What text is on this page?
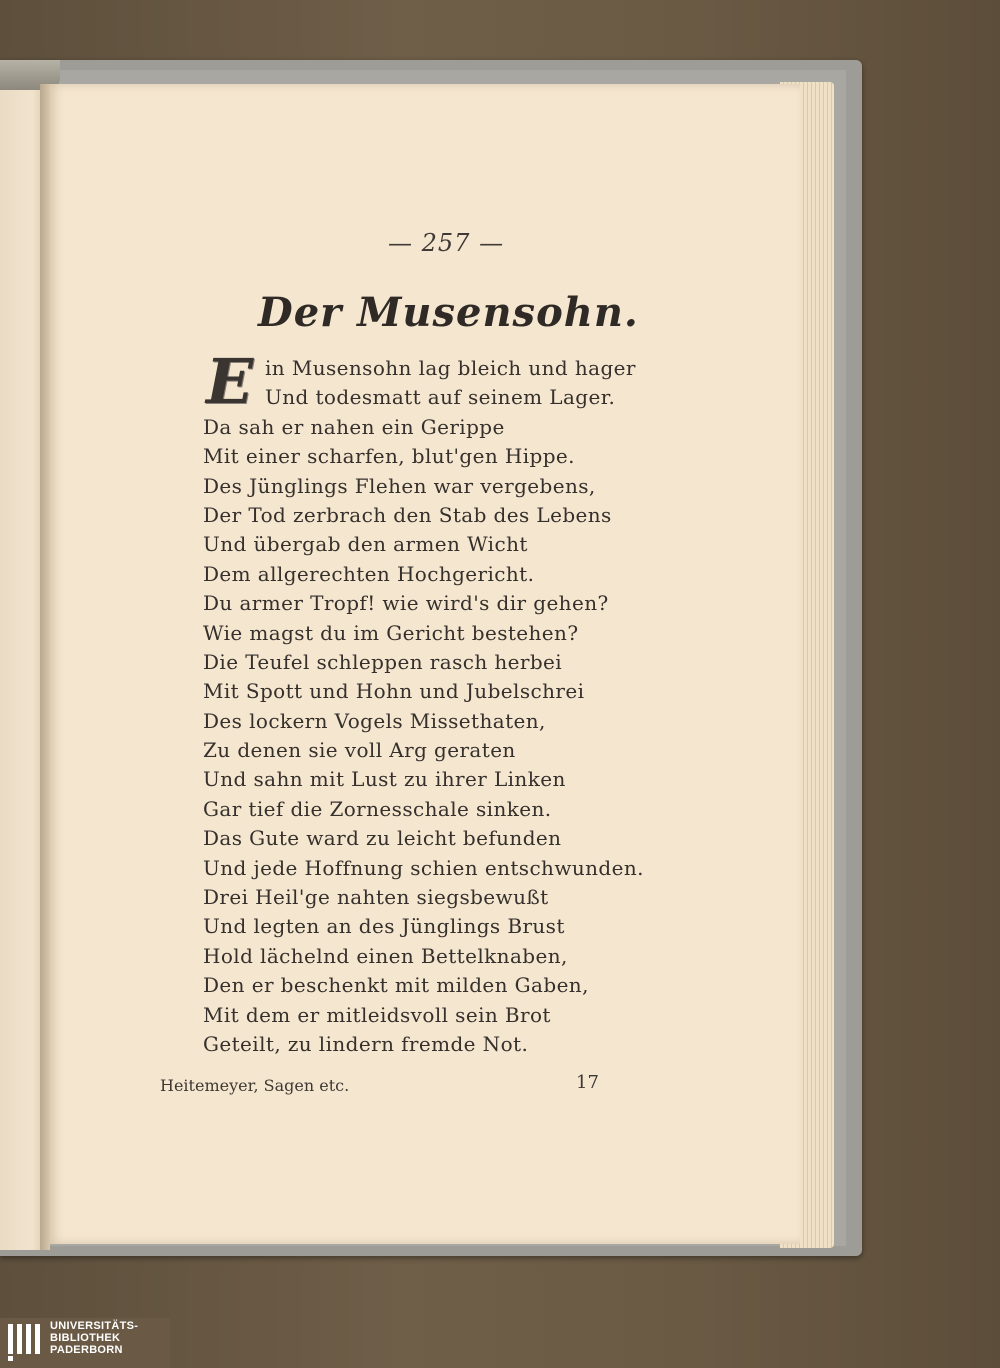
— 257 —
Der Musensohn.
E in Musensohn lag bleich und hager
Und todesmatt auf seinem Lager.
Da sah er nahen ein Gerippe
Mit einer scharfen, blut'gen Hippe.
Des Jünglings Flehen war vergebens,
Der Tod zerbrach den Stab des Lebens
Und übergab den armen Wicht
Dem allgerechten Hochgericht.
Du armer Tropf! wie wird's dir gehen?
Wie magst du im Gericht bestehen?
Die Teufel schleppen rasch herbei
Mit Spott und Hohn und Jubelschrei
Des lockern Vogels Missethaten,
Zu denen sie voll Arg geraten
Und sahn mit Lust zu ihrer Linken
Gar tief die Zornesschale sinken.
Das Gute ward zu leicht befunden
Und jede Hoffnung schien entschwunden.
Drei Heil'ge nahten siegsbewußt
Und legten an des Jünglings Brust
Hold lächelnd einen Bettelknaben,
Den er beschenkt mit milden Gaben,
Mit dem er mitleidsvoll sein Brot
Geteilt, zu lindern fremde Not.
Heitemeyer, Sagen etc.	17
UNIVERSITÄTS-
BIBLIOTHEK
PADERBORN
